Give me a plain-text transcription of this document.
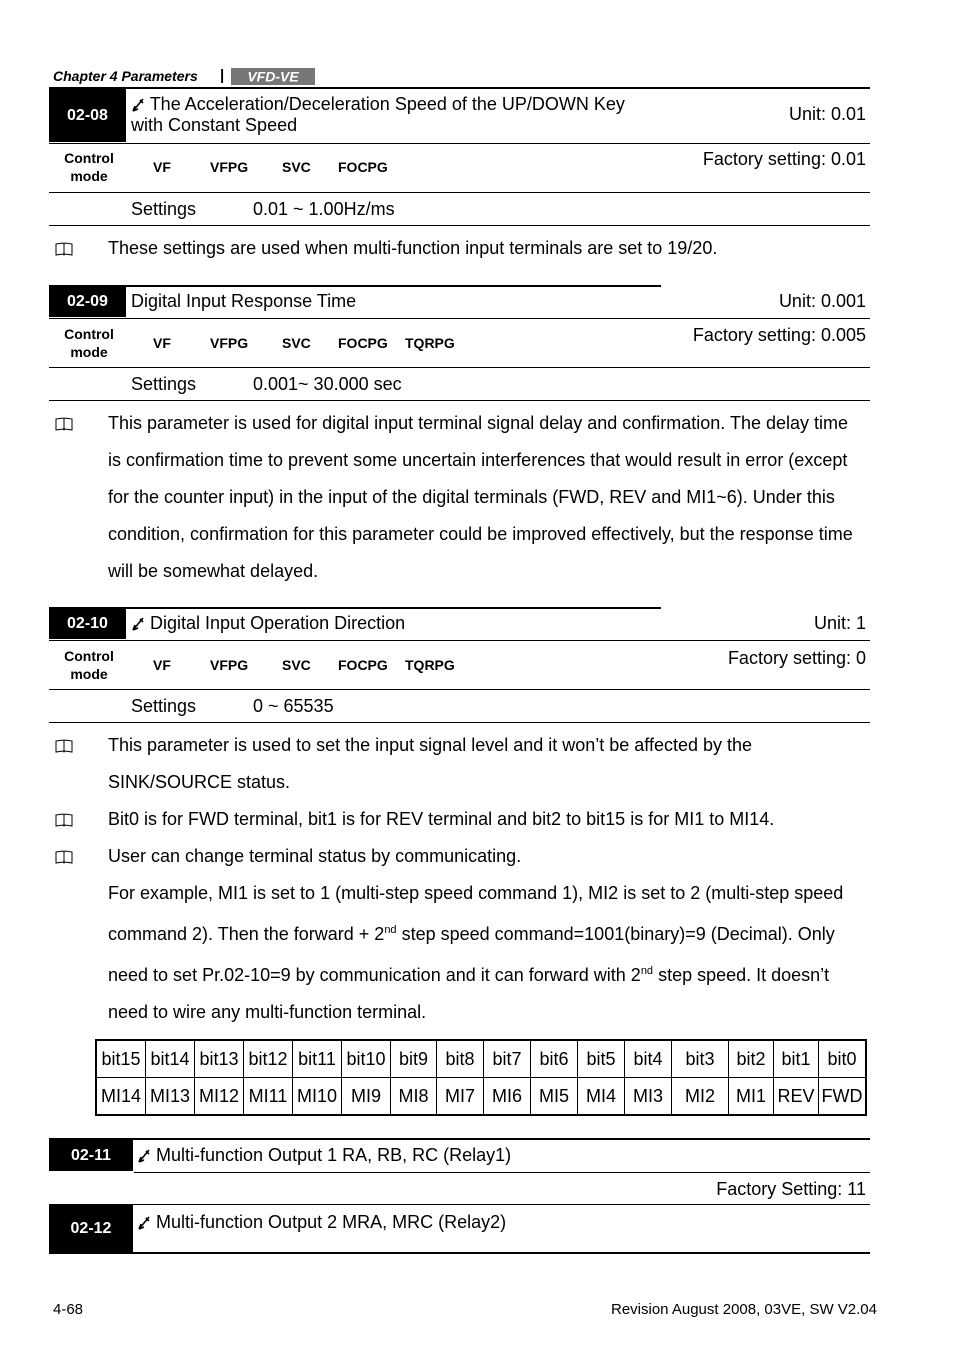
Chapter 4 Parameters | VFD-VE
02-08
The Acceleration/Deceleration Speed of the UP/DOWN Key
with Constant Speed
Unit: 0.01
Control
mode
VF	VFPG SVC FOCPG	Factory setting: 0.01
Settings	0.01 ~ 1.00Hz/ms
These settings are used when multi-function input terminals are set to 19/20.
02-09	Digital Input Response Time	Unit: 0.001
Control
mode
VF	VFPG SVC FOCPG TQRPG	Factory setting: 0.005
Settings	0.001~ 30.000 sec
This parameter is used for digital input terminal signal delay and confirmation. The delay time
is confirmation time to prevent some uncertain interferences that would result in error (except
for the counter input) in the input of the digital terminals (FWD, REV and MI1~6). Under this
condition, confirmation for this parameter could be improved effectively, but the response time
will be somewhat delayed.
02-10	Digital Input Operation Direction	Unit: 1
Control
mode
VF	VFPG SVC FOCPG TQRPG	Factory setting: 0
Settings	0 ~ 65535
This parameter is used to set the input signal level and it won’t be affected by the
SINK/SOURCE status.
Bit0 is for FWD terminal, bit1 is for REV terminal and bit2 to bit15 is for MI1 to MI14.
User can change terminal status by communicating.
For example, MI1 is set to 1 (multi-step speed command 1), MI2 is set to 2 (multi-step speed
command 2). Then the forward + 2nd step speed command=1001(binary)=9 (Decimal). Only
need to set Pr.02-10=9 by communication and it can forward with 2nd step speed. It doesn’t
need to wire any multi-function terminal.
bit15	bit14	bit13	bit12	bit11	bit10	bit9	bit8	bit7	bit6	bit5	bit4	bit3	bit2	bit1	bit0
MI14	MI13	MI12	MI11	MI10	MI9	MI8	MI7	MI6	MI5	MI4	MI3	MI2	MI1	REV	FWD
02-11	Multi-function Output 1 RA, RB, RC (Relay1)
Factory Setting: 11
02-12	Multi-function Output 2 MRA, MRC (Relay2)
4-68	Revision August 2008, 03VE, SW V2.04
